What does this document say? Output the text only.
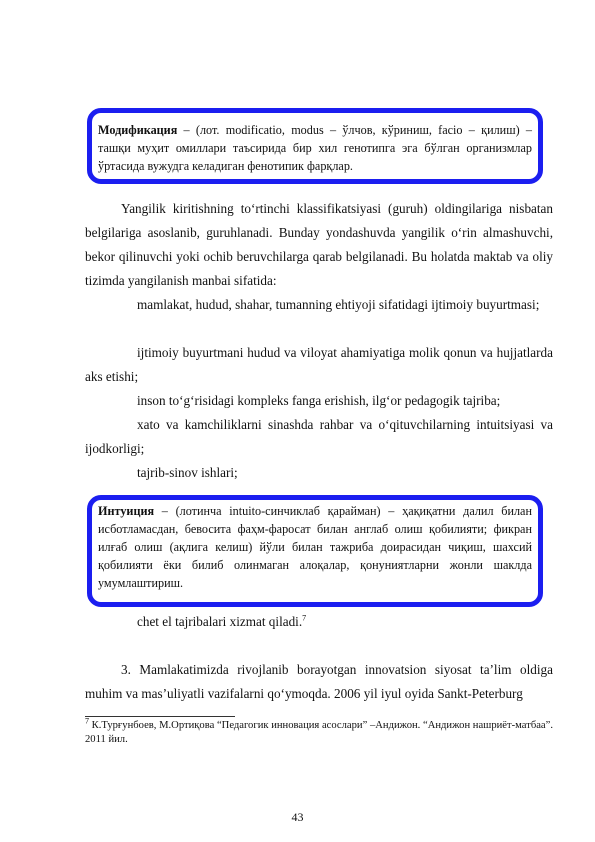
Модификация – (лот. modificatio, modus – ўлчов, кўриниш, facio – қилиш) – ташқи муҳит омиллари таъсирида бир хил генотипга эга бўлган организмлар ўртасида вужудга келадиган фенотипик фарқлар.
Yangilik kiritishning to‘rtinchi klassifikatsiyasi (guruh) oldingilariga nisbatan belgilariga asoslanib, guruhlanadi. Bunday yondashuvda yangilik o‘rin almashuvchi, bekor qilinuvchi yoki ochib beruvchilarga qarab belgilanadi. Bu holatda maktab va oliy tizimda yangilanish manbai sifatida:
mamlakat, hudud, shahar, tumanning ehtiyoji sifatidagi ijtimoiy buyurtmasi;
ijtimoiy buyurtmani hudud va viloyat ahamiyatiga molik qonun va hujjatlarda aks etishi;
inson to‘g‘risidagi kompleks fanga erishish, ilg‘or pedagogik tajriba;
xato va kamchiliklarni sinashda rahbar va o‘qituvchilarning intuitsiyasi va ijodkorligi;
tajrib-sinov ishlari;
Интуиция – (лотинча intuito-синчиклаб қарайман) – ҳақиқатни далил билан исботламасдан, бевосита фаҳм-фаросат билан англаб олиш қобилияти; фикран илғаб олиш (ақлига келиш) йўли билан тажриба доирасидан чиқиш, шахсий қобилияти ёки билиб олинмаган алоқалар, қонуниятларни жонли шаклда умумлаштириш.
chet el tajribalari xizmat qiladi.$^7$
3. Mamlakatimizda rivojlanib borayotgan innovatsion siyosat ta’lim oldiga muhim va mas’uliyatli vazifalarni qo‘ymoqda. 2006 yil iyul oyida Sankt-Peterburg
$^7$ К.Турғунбоев, М.Ортиқова “Педагогик инновация асослари” –Андижон. “Андижон нашриёт-матбаа”. 2011 йил.
43
